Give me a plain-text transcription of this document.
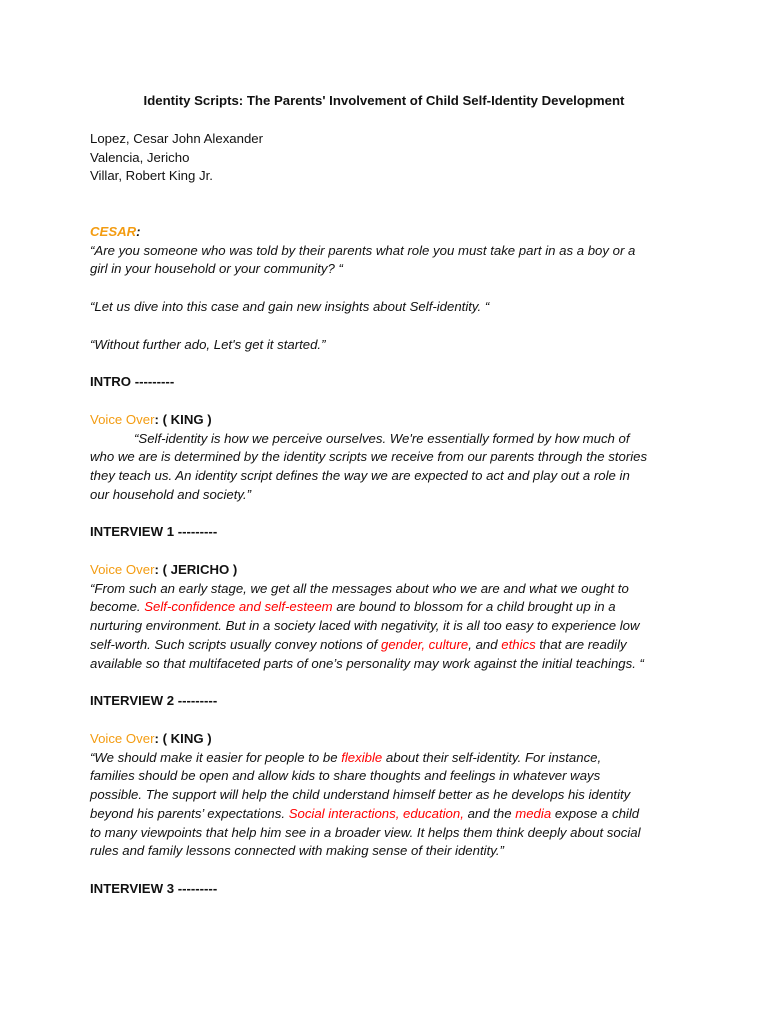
Identity Scripts: The Parents' Involvement of Child Self-Identity Development
Lopez, Cesar John Alexander
Valencia, Jericho
Villar, Robert King Jr.
CESAR:
“Are you someone who was told by their parents what role you must take part in as a boy or a
girl in your household or your community? “
“Let us dive into this case and gain new insights about Self-identity. “
“Without further ado, Let's get it started.”
INTRO ---------
Voice Over: ( KING )
“Self-identity is how we perceive ourselves. We're essentially formed by how much of
who we are is determined by the identity scripts we receive from our parents through the stories
they teach us. An identity script defines the way we are expected to act and play out a role in
our household and society.”
INTERVIEW 1 ---------
Voice Over: ( JERICHO )
“From such an early stage, we get all the messages about who we are and what we ought to
become. Self-confidence and self-esteem are bound to blossom for a child brought up in a
nurturing environment. But in a society laced with negativity, it is all too easy to experience low
self-worth. Such scripts usually convey notions of gender, culture, and ethics that are readily
available so that multifaceted parts of one’s personality may work against the initial teachings. “
INTERVIEW 2 ---------
Voice Over: ( KING )
“We should make it easier for people to be flexible about their self-identity. For instance,
families should be open and allow kids to share thoughts and feelings in whatever ways
possible. The support will help the child understand himself better as he develops his identity
beyond his parents’ expectations. Social interactions, education, and the media expose a child
to many viewpoints that help him see in a broader view. It helps them think deeply about social
rules and family lessons connected with making sense of their identity.”
INTERVIEW 3 ---------
